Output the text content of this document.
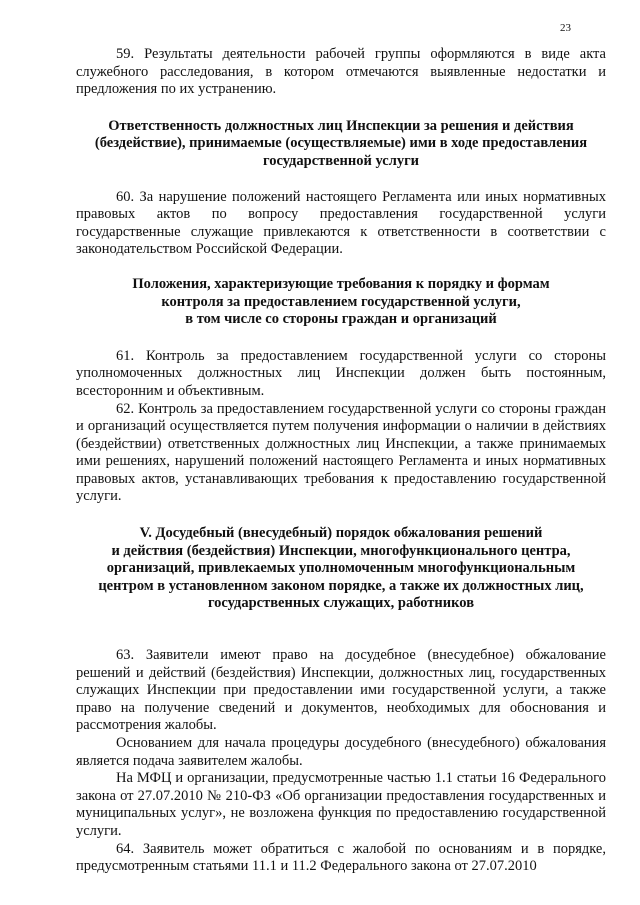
23

59. Результаты деятельности рабочей группы оформляются в виде акта служебного расследования, в котором отмечаются выявленные недостатки и предложения по их устранению.

Ответственность должностных лиц Инспекции за решения и действия
(бездействие), принимаемые (осуществляемые) ими в ходе предоставления
государственной услуги

60. За нарушение положений настоящего Регламента или иных нормативных правовых актов по вопросу предоставления государственной услуги государственные служащие привлекаются к ответственности в соответствии с законодательством Российской Федерации.

Положения, характеризующие требования к порядку и формам
контроля за предоставлением государственной услуги,
в том числе со стороны граждан и организаций

61. Контроль за предоставлением государственной услуги со стороны уполномоченных должностных лиц Инспекции должен быть постоянным, всесторонним и объективным.

62. Контроль за предоставлением государственной услуги со стороны граждан и организаций осуществляется путем получения информации о наличии в действиях (бездействии) ответственных должностных лиц Инспекции, а также принимаемых ими решениях, нарушений положений настоящего Регламента и иных нормативных правовых актов, устанавливающих требования к предоставлению государственной услуги.

V. Досудебный (внесудебный) порядок обжалования решений
и действия (бездействия) Инспекции, многофункционального центра,
организаций, привлекаемых уполномоченным многофункциональным
центром в установленном законом порядке, а также их должностных лиц,
государственных служащих, работников

63. Заявители имеют право на досудебное (внесудебное) обжалование решений и действий (бездействия) Инспекции, должностных лиц, государственных служащих Инспекции при предоставлении ими государственной услуги, а также право на получение сведений и документов, необходимых для обоснования и рассмотрения жалобы.

Основанием для начала процедуры досудебного (внесудебного) обжалования является подача заявителем жалобы.

На МФЦ и организации, предусмотренные частью 1.1 статьи 16 Федерального закона от 27.07.2010 № 210-ФЗ «Об организации предоставления государственных и муниципальных услуг», не возложена функция по предоставлению государственной услуги.

64. Заявитель может обратиться с жалобой по основаниям и в порядке, предусмотренным статьями 11.1 и 11.2 Федерального закона от 27.07.2010
